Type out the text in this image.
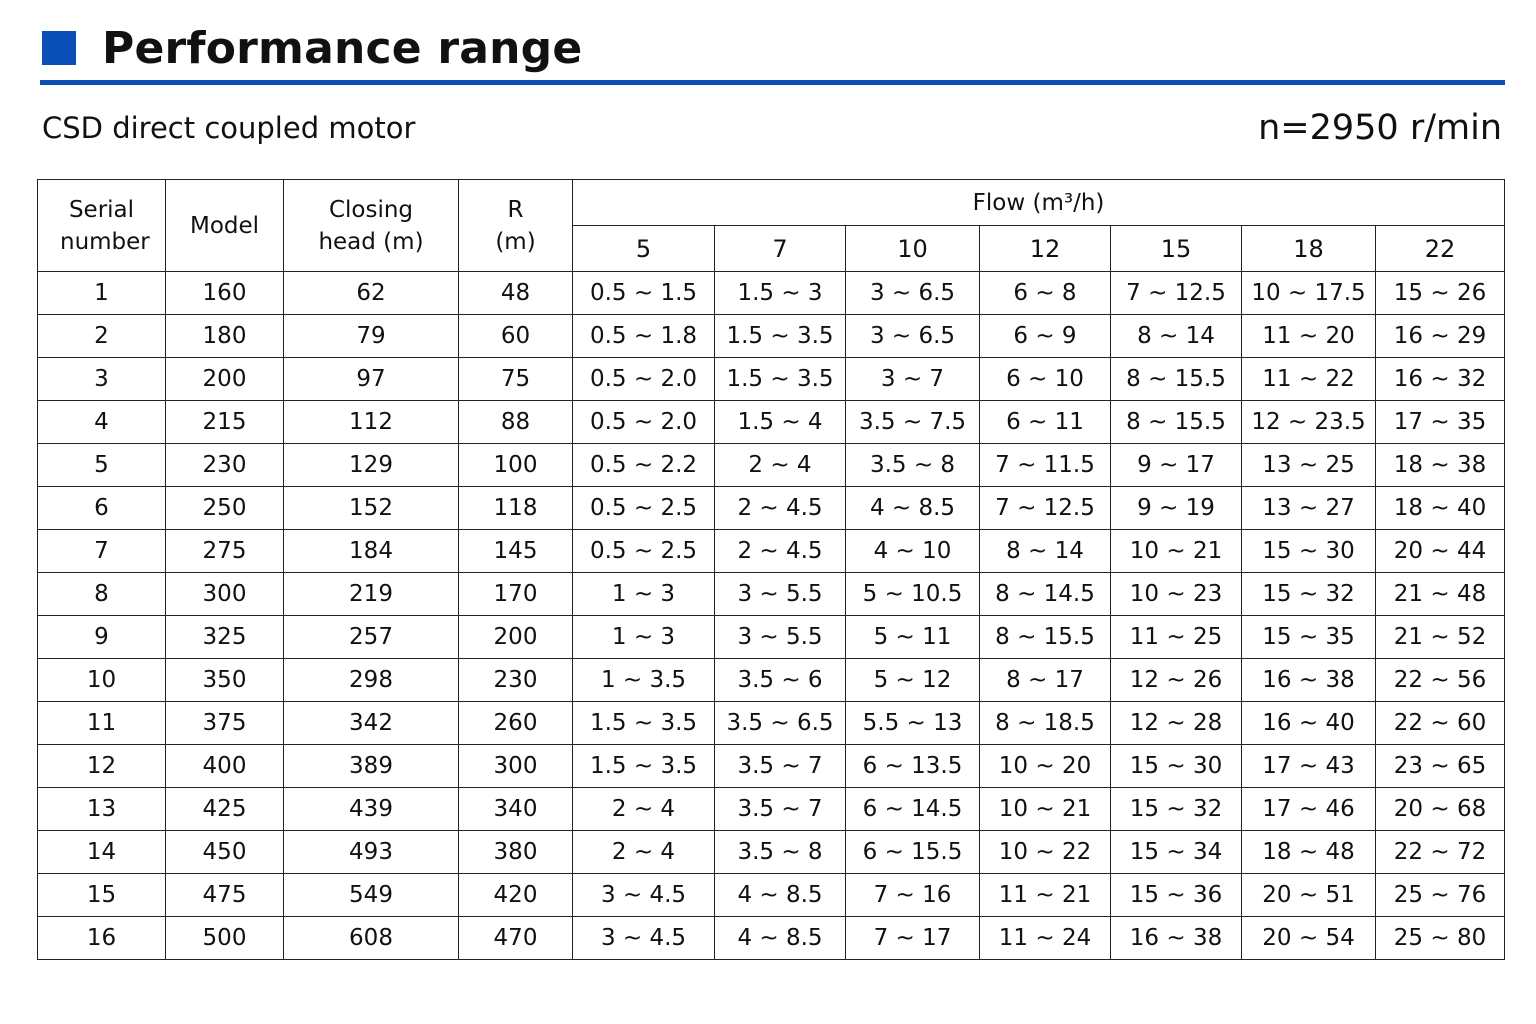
Performance range
CSD direct coupled motor	n=2950 r/min
Serial number	Model	Closing head (m)	R (m)	Flow (m³/h)						
				5	7	10	12	15	18	22
1	160	62	48	0.5 ~ 1.5	1.5 ~ 3	3 ~ 6.5	6 ~ 8	7 ~ 12.5	10 ~ 17.5	15 ~ 26
2	180	79	60	0.5 ~ 1.8	1.5 ~ 3.5	3 ~ 6.5	6 ~ 9	8 ~ 14	11 ~ 20	16 ~ 29
3	200	97	75	0.5 ~ 2.0	1.5 ~ 3.5	3 ~ 7	6 ~ 10	8 ~ 15.5	11 ~ 22	16 ~ 32
4	215	112	88	0.5 ~ 2.0	1.5 ~ 4	3.5 ~ 7.5	6 ~ 11	8 ~ 15.5	12 ~ 23.5	17 ~ 35
5	230	129	100	0.5 ~ 2.2	2 ~ 4	3.5 ~ 8	7 ~ 11.5	9 ~ 17	13 ~ 25	18 ~ 38
6	250	152	118	0.5 ~ 2.5	2 ~ 4.5	4 ~ 8.5	7 ~ 12.5	9 ~ 19	13 ~ 27	18 ~ 40
7	275	184	145	0.5 ~ 2.5	2 ~ 4.5	4 ~ 10	8 ~ 14	10 ~ 21	15 ~ 30	20 ~ 44
8	300	219	170	1 ~ 3	3 ~ 5.5	5 ~ 10.5	8 ~ 14.5	10 ~ 23	15 ~ 32	21 ~ 48
9	325	257	200	1 ~ 3	3 ~ 5.5	5 ~ 11	8 ~ 15.5	11 ~ 25	15 ~ 35	21 ~ 52
10	350	298	230	1 ~ 3.5	3.5 ~ 6	5 ~ 12	8 ~ 17	12 ~ 26	16 ~ 38	22 ~ 56
11	375	342	260	1.5 ~ 3.5	3.5 ~ 6.5	5.5 ~ 13	8 ~ 18.5	12 ~ 28	16 ~ 40	22 ~ 60
12	400	389	300	1.5 ~ 3.5	3.5 ~ 7	6 ~ 13.5	10 ~ 20	15 ~ 30	17 ~ 43	23 ~ 65
13	425	439	340	2 ~ 4	3.5 ~ 7	6 ~ 14.5	10 ~ 21	15 ~ 32	17 ~ 46	20 ~ 68
14	450	493	380	2 ~ 4	3.5 ~ 8	6 ~ 15.5	10 ~ 22	15 ~ 34	18 ~ 48	22 ~ 72
15	475	549	420	3 ~ 4.5	4 ~ 8.5	7 ~ 16	11 ~ 21	15 ~ 36	20 ~ 51	25 ~ 76
16	500	608	470	3 ~ 4.5	4 ~ 8.5	7 ~ 17	11 ~ 24	16 ~ 38	20 ~ 54	25 ~ 80
